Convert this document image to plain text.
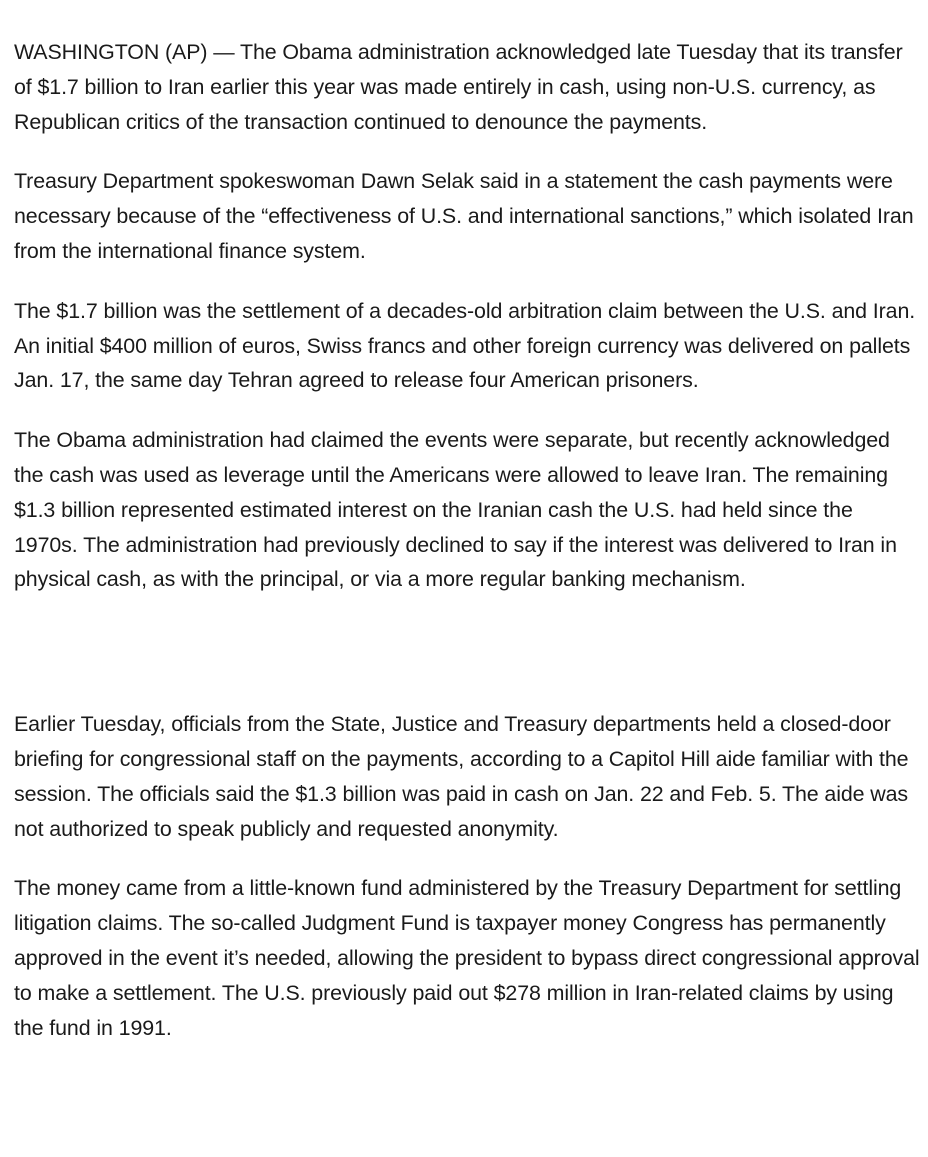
WASHINGTON (AP) — The Obama administration acknowledged late Tuesday that its transfer of $1.7 billion to Iran earlier this year was made entirely in cash, using non-U.S. currency, as Republican critics of the transaction continued to denounce the payments.

Treasury Department spokeswoman Dawn Selak said in a statement the cash payments were necessary because of the “effectiveness of U.S. and international sanctions,” which isolated Iran from the international finance system.

The $1.7 billion was the settlement of a decades-old arbitration claim between the U.S. and Iran. An initial $400 million of euros, Swiss francs and other foreign currency was delivered on pallets Jan. 17, the same day Tehran agreed to release four American prisoners.

The Obama administration had claimed the events were separate, but recently acknowledged the cash was used as leverage until the Americans were allowed to leave Iran. The remaining $1.3 billion represented estimated interest on the Iranian cash the U.S. had held since the 1970s. The administration had previously declined to say if the interest was delivered to Iran in physical cash, as with the principal, or via a more regular banking mechanism.

Earlier Tuesday, officials from the State, Justice and Treasury departments held a closed-door briefing for congressional staff on the payments, according to a Capitol Hill aide familiar with the session. The officials said the $1.3 billion was paid in cash on Jan. 22 and Feb. 5. The aide was not authorized to speak publicly and requested anonymity.

The money came from a little-known fund administered by the Treasury Department for settling litigation claims. The so-called Judgment Fund is taxpayer money Congress has permanently approved in the event it’s needed, allowing the president to bypass direct congressional approval to make a settlement. The U.S. previously paid out $278 million in Iran-related claims by using the fund in 1991.
